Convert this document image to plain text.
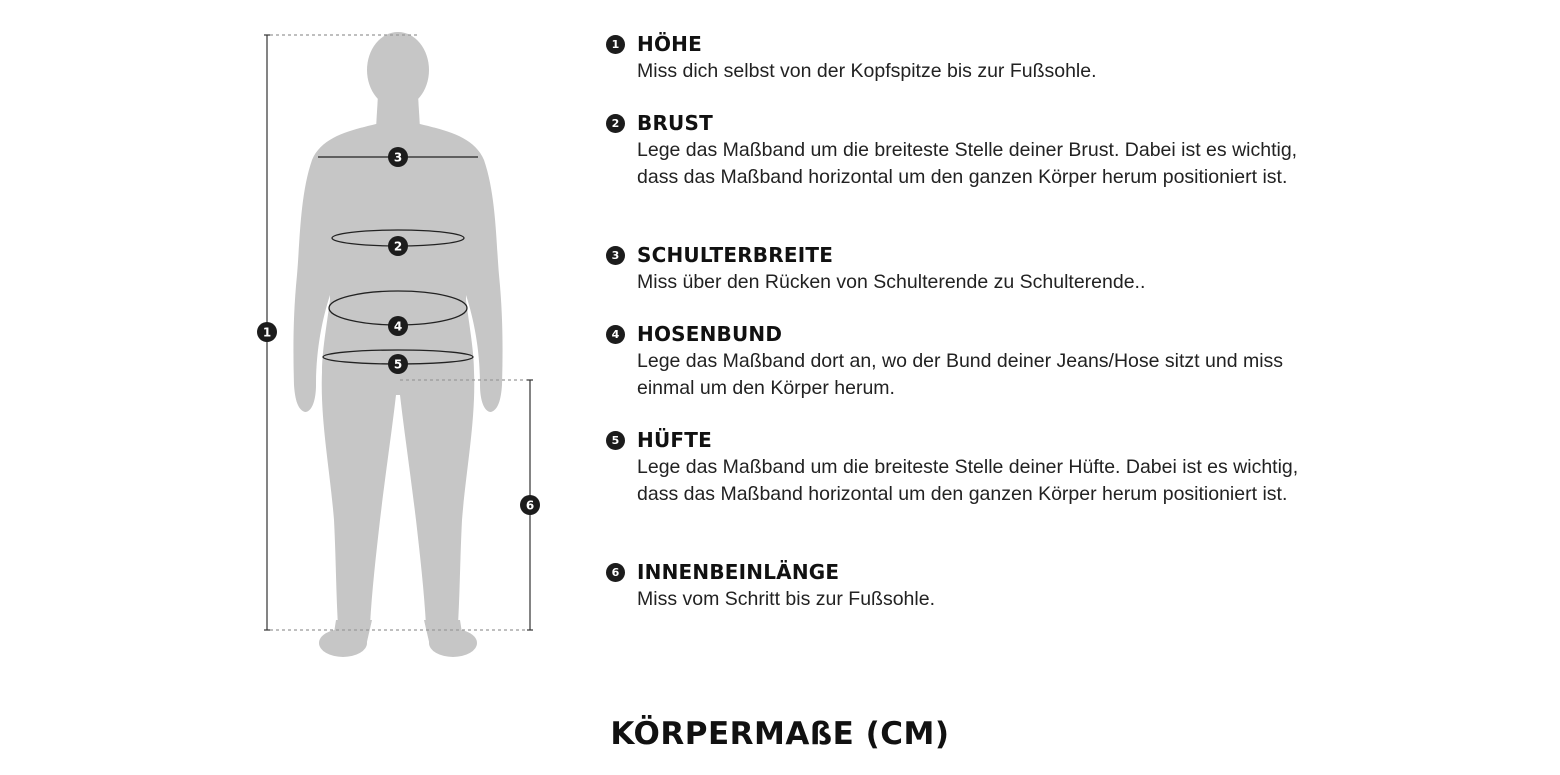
1
2
3
4
5
6
1 HÖHE

Miss dich selbst von der Kopfspitze bis zur Fußsohle.

2 BRUST

Lege das Maßband um die breiteste Stelle deiner Brust. Dabei ist es wichtig, dass das Maßband horizontal um den ganzen Körper herum positioniert ist.

3 SCHULTERBREITE

Miss über den Rücken von Schulterende zu Schulterende..

4 HOSENBUND

Lege das Maßband dort an, wo der Bund deiner Jeans/Hose sitzt und miss einmal um den Körper herum.

5 HÜFTE

Lege das Maßband um die breiteste Stelle deiner Hüfte. Dabei ist es wichtig, dass das Maßband horizontal um den ganzen Körper herum positioniert ist.

6 INNENBEINLÄNGE

Miss vom Schritt bis zur Fußsohle.

KÖRPERMAßE (CM)
